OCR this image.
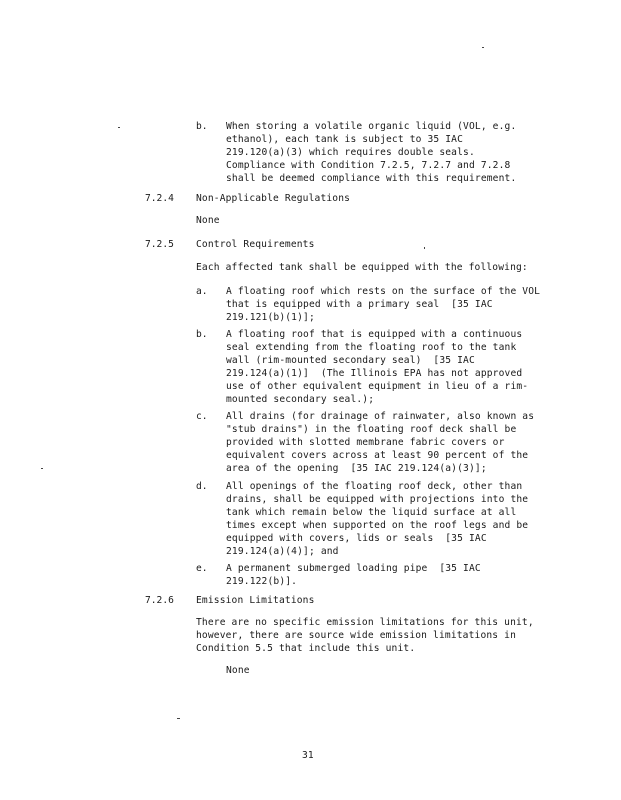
b. When storing a volatile organic liquid (VOL, e.g.
ethanol), each tank is subject to 35 IAC
219.120(a)(3) which requires double seals.
Compliance with Condition 7.2.5, 7.2.7 and 7.2.8
shall be deemed compliance with this requirement.
7.2.4 Non-Applicable Regulations
None
7.2.5 Control Requirements
Each affected tank shall be equipped with the following:
a. A floating roof which rests on the surface of the VOL
that is equipped with a primary seal  [35 IAC
219.121(b)(1)];
b. A floating roof that is equipped with a continuous
seal extending from the floating roof to the tank
wall (rim-mounted secondary seal)  [35 IAC
219.124(a)(1)]  (The Illinois EPA has not approved
use of other equivalent equipment in lieu of a rim-
mounted secondary seal.);
c. All drains (for drainage of rainwater, also known as
"stub drains") in the floating roof deck shall be
provided with slotted membrane fabric covers or
equivalent covers across at least 90 percent of the
area of the opening  [35 IAC 219.124(a)(3)];
d. All openings of the floating roof deck, other than
drains, shall be equipped with projections into the
tank which remain below the liquid surface at all
times except when supported on the roof legs and be
equipped with covers, lids or seals  [35 IAC
219.124(a)(4)]; and
e. A permanent submerged loading pipe  [35 IAC
219.122(b)].
7.2.6 Emission Limitations
There are no specific emission limitations for this unit,
however, there are source wide emission limitations in
Condition 5.5 that include this unit.
None
31
